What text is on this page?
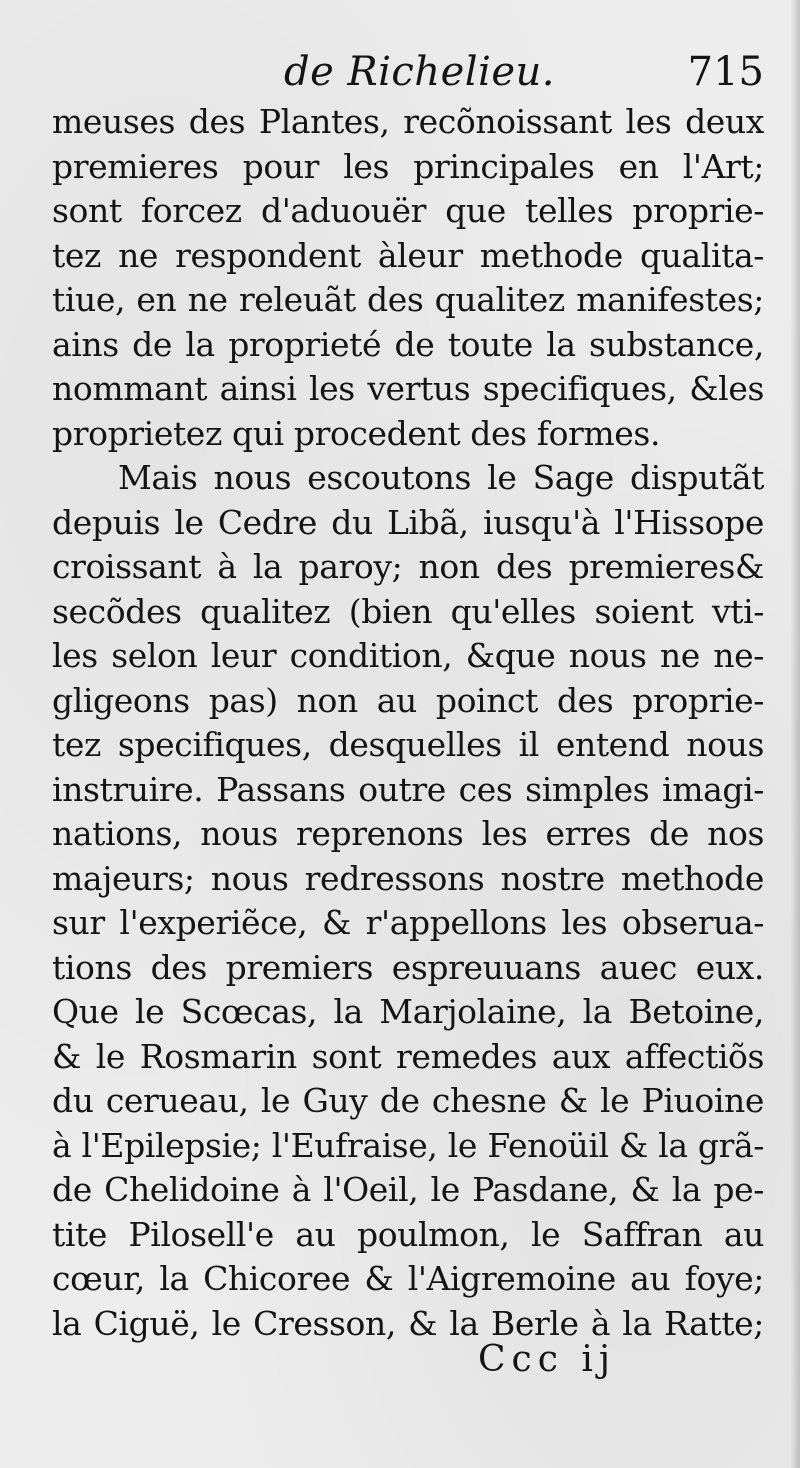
de Richelieu.	715
meuses des Plantes, recõnoissant les deux
premieres pour les principales en l'Art;
sont forcez d'aduouër que telles proprie-
tez ne respondent àleur methode qualita-
tiue, en ne releuãt des qualitez manifestes;
ains de la proprieté de toute la substance,
nommant ainsi les vertus specifiques, &les
proprietez qui procedent des formes.
Mais nous escoutons le Sage disputãt
depuis le Cedre du Libã, iusqu'à l'Hissope
croissant à la paroy; non des premieres&
secõdes qualitez (bien qu'elles soient vti-
les selon leur condition, &que nous ne ne-
gligeons pas) non au poinct des proprie-
tez specifiques, desquelles il entend nous
instruire. Passans outre ces simples imagi-
nations, nous reprenons les erres de nos
majeurs; nous redressons nostre methode
sur l'experiẽce, & r'appellons les obserua-
tions des premiers espreuuans auec eux.
Que le Scœcas, la Marjolaine, la Betoine,
& le Rosmarin sont remedes aux affectiõs
du cerueau, le Guy de chesne & le Piuoine
à l'Epilepsie; l'Eufraise, le Fenoüil & la grã-
de Chelidoine à l'Oeil, le Pasdane, & la pe-
tite Pilosell'e au poulmon, le Saffran au
cœur, la Chicoree & l'Aigremoine au foye;
la Ciguë, le Cresson, & la Berle à la Ratte;
Ccc ij
